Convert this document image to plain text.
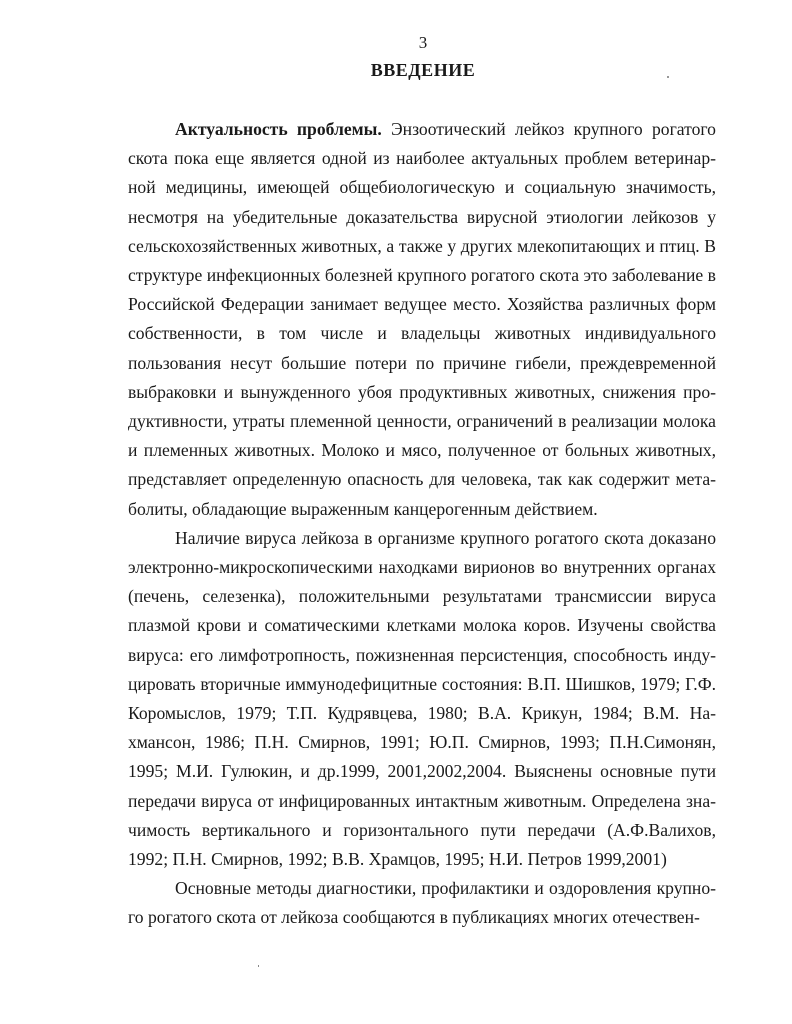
3
ВВЕДЕНИЕ

Актуальность проблемы. Энзоотический лейкоз крупного рогатого скота пока еще является одной из наиболее актуальных проблем ветеринарной медицины, имеющей общебиологическую и социальную значимость, несмотря на убедительные доказательства вирусной этиологии лейкозов у сельскохозяйственных животных, а также у других млекопитающих и птиц. В структуре инфекционных болезней крупного рогатого скота это заболевание в Российской Федерации занимает ведущее место. Хозяйства различных форм собственности, в том числе и владельцы животных индивидуального пользования несут большие потери по причине гибели, преждевременной выбраковки и вынужденного убоя продуктивных животных, снижения продуктивности, утраты племенной ценности, ограничений в реализации молока и племенных животных. Молоко и мясо, полученное от больных животных, представляет определенную опасность для человека, так как содержит метаболиты, обладающие выраженным канцерогенным действием.

Наличие вируса лейкоза в организме крупного рогатого скота доказано электронно-микроскопическими находками вирионов во внутренних органах (печень, селезенка), положительными результатами трансмиссии вируса плазмой крови и соматическими клетками молока коров. Изучены свойства вируса: его лимфотропность, пожизненная персистенция, способность индуцировать вторичные иммунодефицитные состояния: В.П. Шишков, 1979; Г.Ф. Коромыслов, 1979; Т.П. Кудрявцева, 1980; В.А. Крикун, 1984; В.М. Нахмансон, 1986; П.Н. Смирнов, 1991; Ю.П. Смирнов, 1993; П.Н.Симонян, 1995; М.И. Гулюкин, и др.1999, 2001,2002,2004. Выяснены основные пути передачи вируса от инфицированных интактным животным. Определена значимость вертикального и горизонтального пути передачи (А.Ф.Валихов, 1992; П.Н. Смирнов, 1992; В.В. Храмцов, 1995; Н.И. Петров 1999,2001)

Основные методы диагностики, профилактики и оздоровления крупного рогатого скота от лейкоза сообщаются в публикациях многих отечествен-
